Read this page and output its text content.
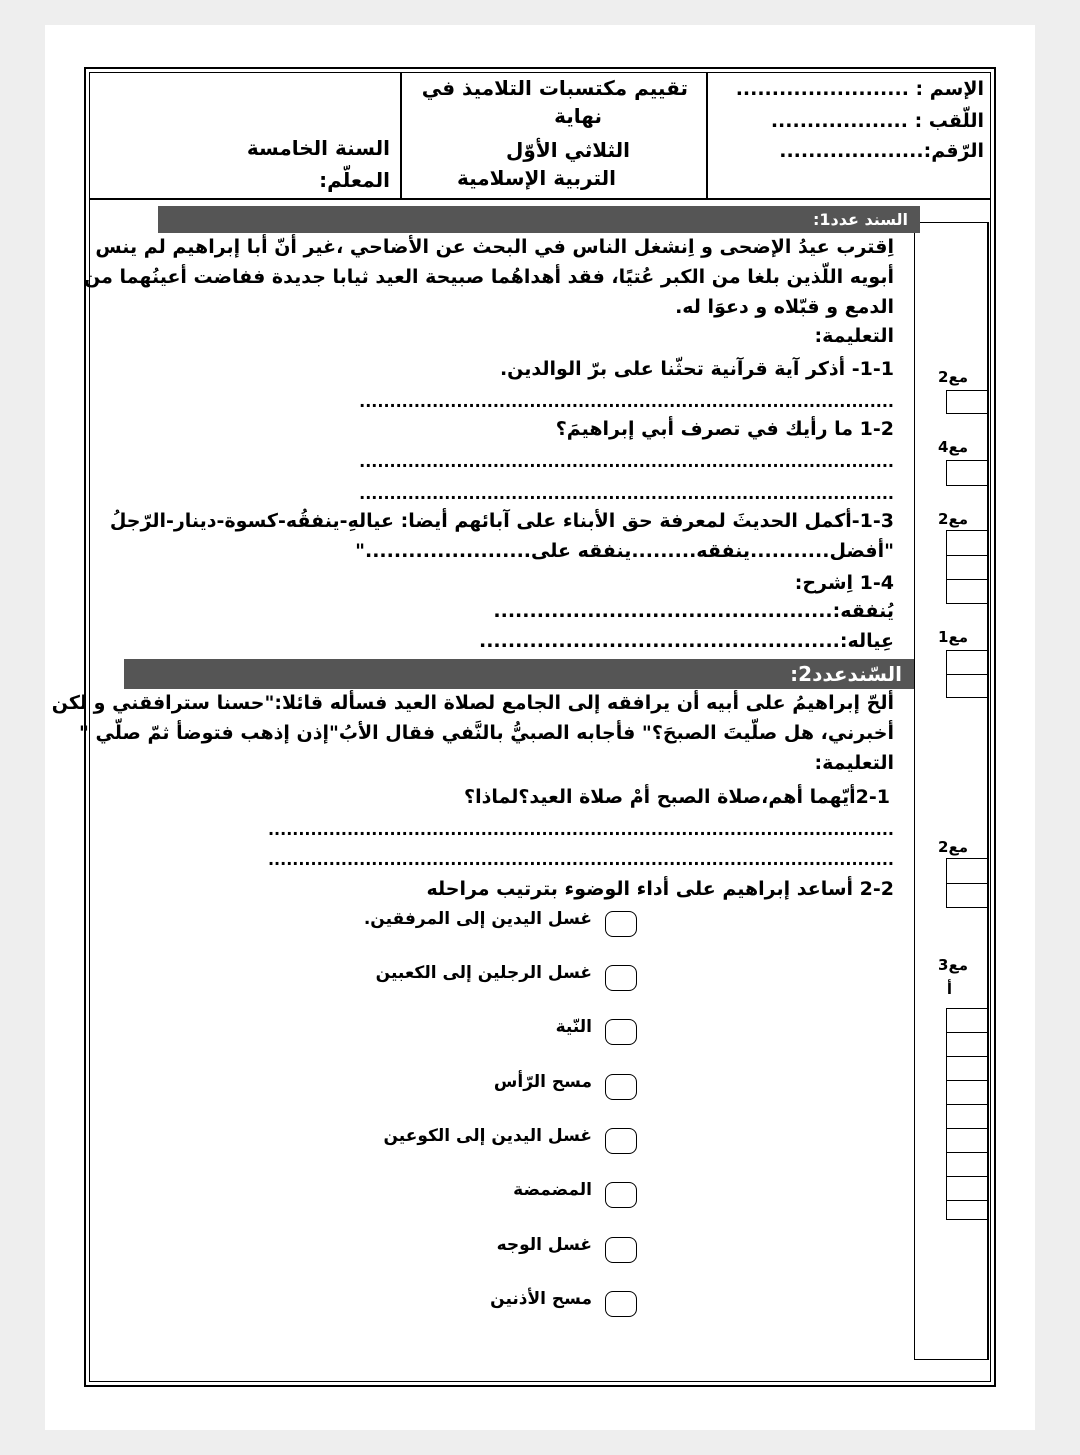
الإسم : ........................
اللّقب : ...................
الرّقم:....................
تقييم مكتسبات التلاميذ في
نهاية
الثلاثي الأوّل
التربية الإسلامية
السنة الخامسة
المعلّم:
السند عدد1:
اِقترب عيدُ الإضحى و اِنشغل الناس في البحث عن الأضاحي ،غير أنّ أبا إبراهيم لم ينس
أبويه اللّذين بلغا من الكبر عُتيًا، فقد أهداهُما صبيحة العيد ثيابا جديدة ففاضت أعينُهما من
الدمع و قبّلاه و دعوَا له.
التعليمة:
1-1- أذكر آية قرآنية تحثّنا على برّ الوالدين.
........................................................................................
1-2 ما رأيك في تصرف أبي إبراهيمَ؟
........................................................................................
........................................................................................
1-3-أكمل الحديثَ لمعرفة حق الأبناء على آبائهم أيضا: عيالهِ-ينفقُه-كسوة-دينار-الرّجلُ
"أفضل...........ينفقه.........ينفقه على......................."
1-4 اِشرح:
يُنفقه:...............................................
عِياله:..................................................
السّندعدد2:
ألحّ إبراهيمُ على أبيه أن يرافقه إلى الجامع لصلاة العيد فسأله قائلا:"حسنا سترافقني و لكن
أخبرني، هل صلّيتَ الصبحَ؟" فأجابه الصبيُّ بالنَّفي فقال الأبُ"إذن إذهب فتوضأ ثمّ صلّي "
التعليمة:
2-1أيّهما أهم،صلاة الصبح أمْ صلاة العيد؟لماذا؟
.......................................................................................................
.......................................................................................................
2-2 أساعد إبراهيم على أداء الوضوء بترتيب مراحله
غسل اليدين إلى المرفقين.
غسل الرجلين إلى الكعبين
النّية
مسح الرّأس
غسل اليدين إلى الكوعين
المضمضة
غسل الوجه
مسح الأذنين
مع2
مع4
مع2
مع1
مع2
مع3
أ
